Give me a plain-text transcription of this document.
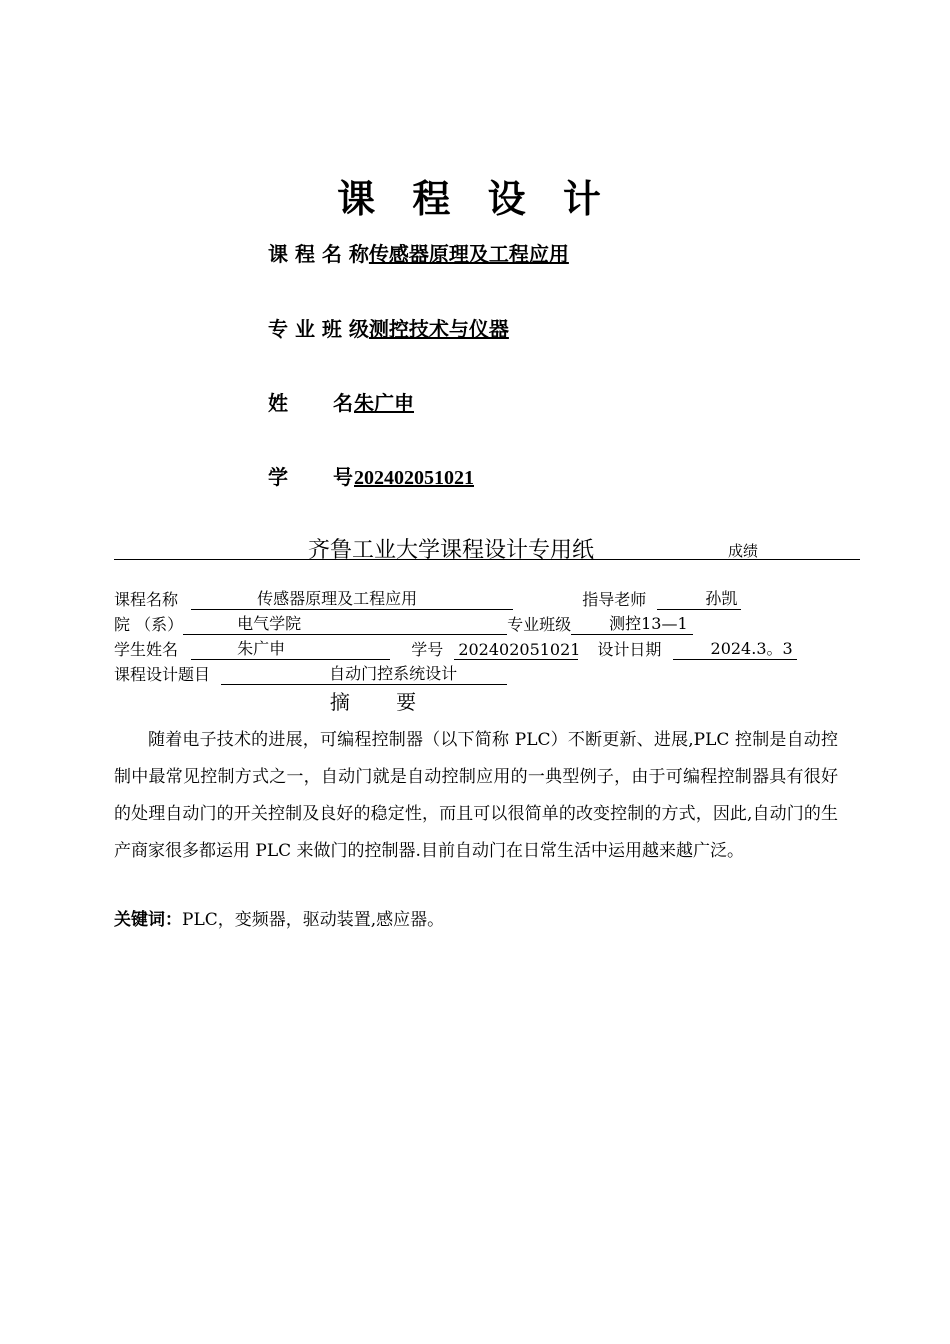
课 程 设 计
课 程 名 称传感器原理及工程应用
专 业 班 级测控技术与仪器
姓 名朱广申
学 号202402051021
齐鲁工业大学课程设计专用纸	成绩
课程名称	传感器原理及工程应用	指导老师	孙凯
院 （系）	电气学院	专业班级 测控13—1
学生姓名	朱广申	学号 202402051021 设计日期	2024.3。3
课程设计题目	自动门控系统设计
摘 要

随着电子技术的进展，可编程控制器（以下简称 PLC）不断更新、进展,PLC 控制是自动控制中最常见控制方式之一，自动门就是自动控制应用的一典型例子，由于可编程控制器具有很好的处理自动门的开关控制及良好的稳定性，而且可以很简单的改变控制的方式，因此,自动门的生产商家很多都运用 PLC 来做门的控制器.目前自动门在日常生活中运用越来越广泛。

关键词：PLC，变频器，驱动装置,感应器。
